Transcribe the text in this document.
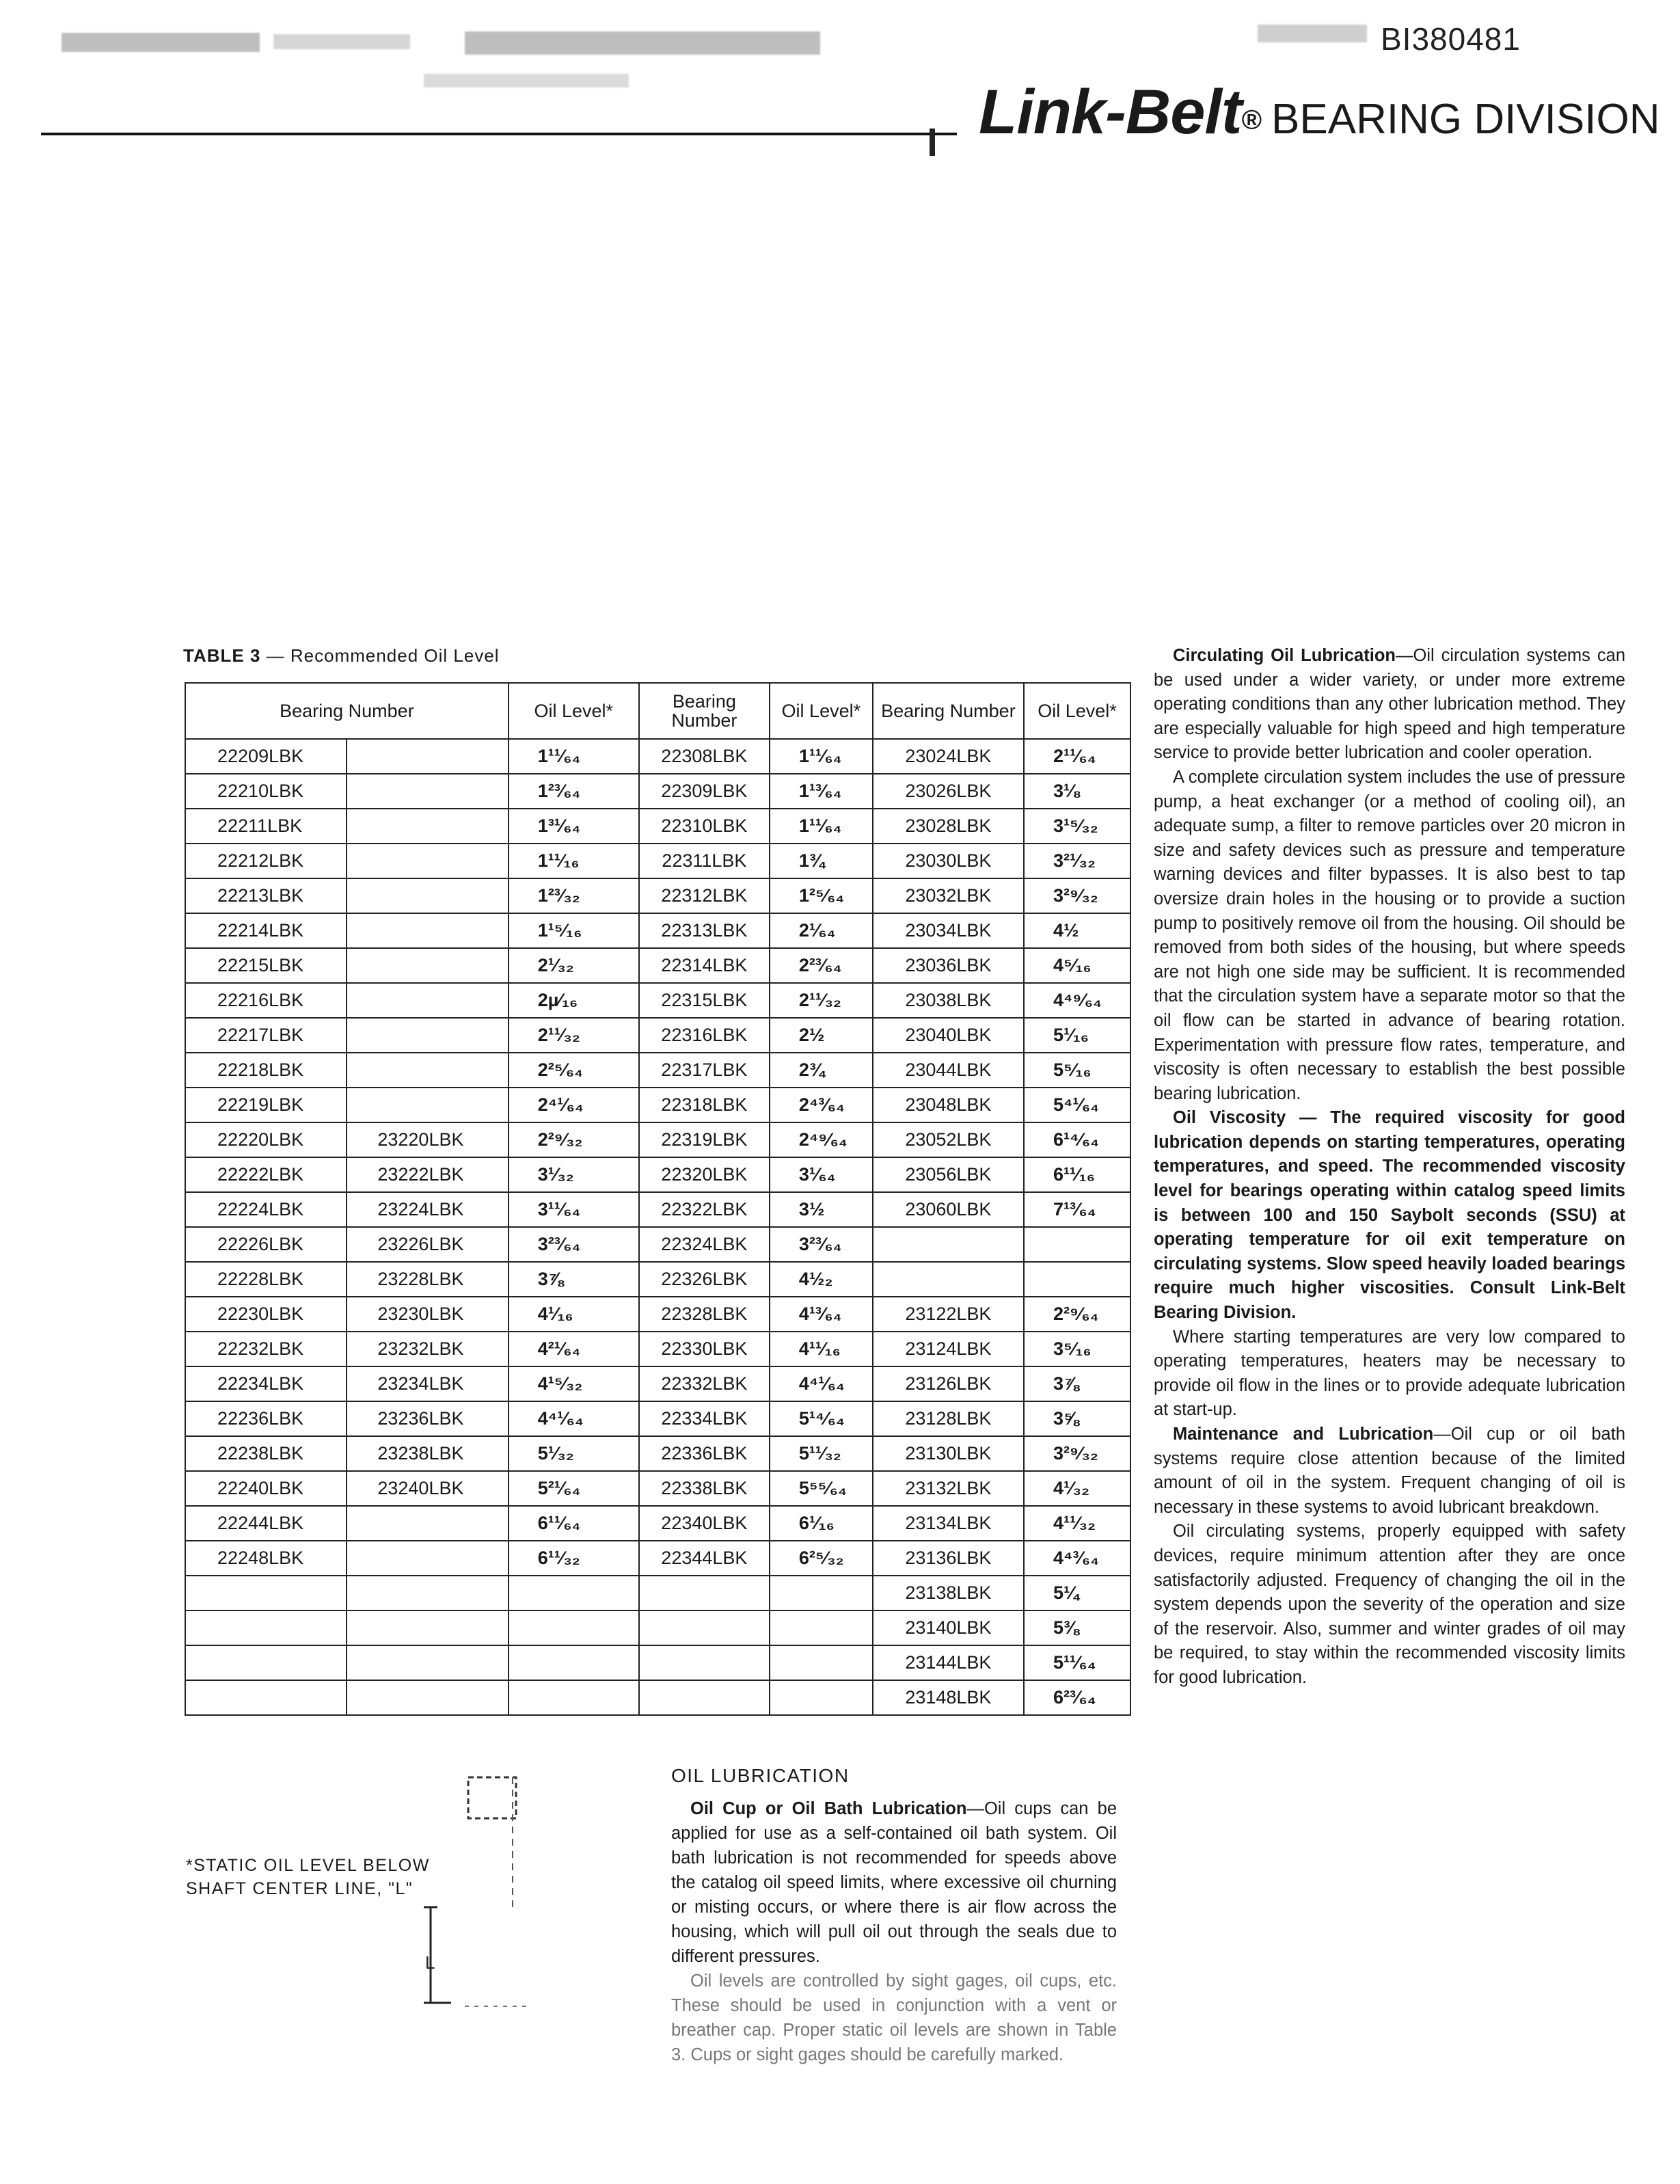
BI380481
Link-Belt® BEARING DIVISION
TABLE 3 — Recommended Oil Level
Bearing Number		Oil Level*	Bearing Number	Oil Level*	Bearing Number	Oil Level*
22209LBK		1¹¹⁄₆₄	22308LBK	1¹¹⁄₆₄	23024LBK	2¹¹⁄₆₄
22210LBK		1²³⁄₆₄	22309LBK	1¹³⁄₆₄	23026LBK	3¹⁄₈
22211LBK		1³¹⁄₆₄	22310LBK	1¹¹⁄₆₄	23028LBK	3¹⁵⁄₃₂
22212LBK		1¹¹⁄₁₆	22311LBK	1¾	23030LBK	3²¹⁄₃₂
22213LBK		1²³⁄₃₂	22312LBK	1²⁵⁄₆₄	23032LBK	3²⁹⁄₃₂
22214LBK		1¹⁵⁄₁₆	22313LBK	2¹⁄₆₄	23034LBK	4½
22215LBK		2¹⁄₃₂	22314LBK	2²³⁄₆₄	23036LBK	4⁵⁄₁₆
22216LBK		2µ⁄₁₆	22315LBK	2¹¹⁄₃₂	23038LBK	4⁴⁹⁄₆₄
22217LBK		2¹¹⁄₃₂	22316LBK	2½	23040LBK	5¹⁄₁₆
22218LBK		2²⁵⁄₆₄	22317LBK	2¾	23044LBK	5⁵⁄₁₆
22219LBK		2⁴¹⁄₆₄	22318LBK	2⁴³⁄₆₄	23048LBK	5⁴¹⁄₆₄
22220LBK	23220LBK	2²⁹⁄₃₂	22319LBK	2⁴⁹⁄₆₄	23052LBK	6¹⁴⁄₆₄
22222LBK	23222LBK	3¹⁄₃₂	22320LBK	3¹⁄₆₄	23056LBK	6¹¹⁄₁₆
22224LBK	23224LBK	3¹¹⁄₆₄	22322LBK	3½	23060LBK	7¹³⁄₆₄
22226LBK	23226LBK	3²³⁄₆₄	22324LBK	3²³⁄₆₄		
22228LBK	23228LBK	3⅞	22326LBK	4½₂		
22230LBK	23230LBK	4¹⁄₁₆	22328LBK	4¹³⁄₆₄	23122LBK	2²⁹⁄₆₄
22232LBK	23232LBK	4²¹⁄₆₄	22330LBK	4¹¹⁄₁₆	23124LBK	3⁵⁄₁₆
22234LBK	23234LBK	4¹⁵⁄₃₂	22332LBK	4⁴¹⁄₆₄	23126LBK	3⅞
22236LBK	23236LBK	4⁴¹⁄₆₄	22334LBK	5¹⁴⁄₆₄	23128LBK	3⅝
22238LBK	23238LBK	5¹⁄₃₂	22336LBK	5¹¹⁄₃₂	23130LBK	3²⁹⁄₃₂
22240LBK	23240LBK	5²¹⁄₆₄	22338LBK	5⁵⁵⁄₆₄	23132LBK	4¹⁄₃₂
22244LBK		6¹¹⁄₆₄	22340LBK	6¹⁄₁₆	23134LBK	4¹¹⁄₃₂
22248LBK		6¹¹⁄₃₂	22344LBK	6²⁵⁄₃₂	23136LBK	4⁴³⁄₆₄
					23138LBK	5¼
					23140LBK	5⅜
					23144LBK	5¹¹⁄₆₄
					23148LBK	6²³⁄₆₄
*STATIC OIL LEVEL BELOW
SHAFT CENTER LINE, "L"
L

OIL LUBRICATION

Oil Cup or Oil Bath Lubrication—Oil cups can be applied for use as a self-contained oil bath system. Oil bath lubrication is not recommended for speeds above the catalog oil speed limits, where excessive oil churning or misting occurs, or where there is air flow across the housing, which will pull oil out through the seals due to different pressures.

Oil levels are controlled by sight gages, oil cups, etc. These should be used in conjunction with a vent or breather cap. Proper static oil levels are shown in Table 3. Cups or sight gages should be carefully marked.

Circulating Oil Lubrication—Oil circulation systems can be used under a wider variety, or under more extreme operating conditions than any other lubrication method. They are especially valuable for high speed and high temperature service to provide better lubrication and cooler operation.

A complete circulation system includes the use of pressure pump, a heat exchanger (or a method of cooling oil), an adequate sump, a filter to remove particles over 20 micron in size and safety devices such as pressure and temperature warning devices and filter bypasses. It is also best to tap oversize drain holes in the housing or to provide a suction pump to positively remove oil from the housing. Oil should be removed from both sides of the housing, but where speeds are not high one side may be sufficient. It is recommended that the circulation system have a separate motor so that the oil flow can be started in advance of bearing rotation. Experimentation with pressure flow rates, temperature, and viscosity is often necessary to establish the best possible bearing lubrication.

Oil Viscosity — The required viscosity for good lubrication depends on starting temperatures, operating temperatures, and speed. The recommended viscosity level for bearings operating within catalog speed limits is between 100 and 150 Saybolt seconds (SSU) at operating temperature for oil exit temperature on circulating systems. Slow speed heavily loaded bearings require much higher viscosities. Consult Link-Belt Bearing Division.

Where starting temperatures are very low compared to operating temperatures, heaters may be necessary to provide oil flow in the lines or to provide adequate lubrication at start-up.

Maintenance and Lubrication—Oil cup or oil bath systems require close attention because of the limited amount of oil in the system. Frequent changing of oil is necessary in these systems to avoid lubricant breakdown.

Oil circulating systems, properly equipped with safety devices, require minimum attention after they are once satisfactorily adjusted. Frequency of changing the oil in the system depends upon the severity of the operation and size of the reservoir. Also, summer and winter grades of oil may be required, to stay within the recommended viscosity limits for good lubrication.
